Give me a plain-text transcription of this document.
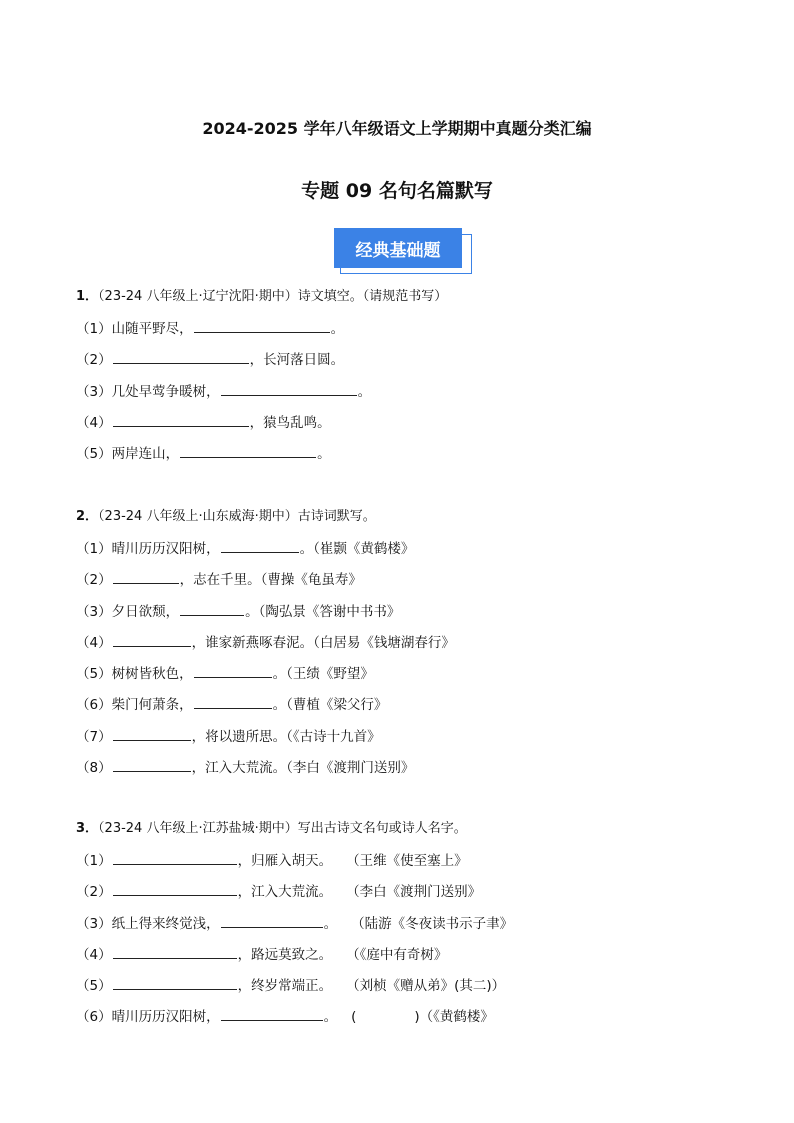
2024-2025 学年八年级语文上学期期中真题分类汇编
专题 09 名句名篇默写
经典基础题
1．（23-24 八年级上·辽宁沈阳·期中）诗文填空。（请规范书写）
（1）山随平野尽，	。
（2）	，长河落日圆。
（3）几处早莺争暖树，	。
（4）	，猿鸟乱鸣。
（5）两岸连山，	。
2．（23-24 八年级上·山东威海·期中）古诗词默写。
（1）晴川历历汉阳树，	。（崔颢《黄鹤楼》
（2）	，志在千里。（曹操《龟虽寿》
（3）夕日欲颓，	。（陶弘景《答谢中书书》
（4）	，谁家新燕啄春泥。（白居易《钱塘湖春行》
（5）树树皆秋色，	。（王绩《野望》
（6）柴门何萧条，	。（曹植《梁父行》
（7）	，将以遗所思。（《古诗十九首》
（8）	，江入大荒流。（李白《渡荆门送别》
3．（23-24 八年级上·江苏盐城·期中）写出古诗文名句或诗人名字。
（1）	，归雁入胡天。 （王维《使至塞上》
（2）	，江入大荒流。 （李白《渡荆门送别》
（3）纸上得来终觉浅，	。 （陆游《冬夜读书示子聿》
（4）	，路远莫致之。 （《庭中有奇树》
（5）	，终岁常端正。 （刘桢《赠从弟》(其二)）
（6）晴川历历汉阳树，	。 (	)（《黄鹤楼》
